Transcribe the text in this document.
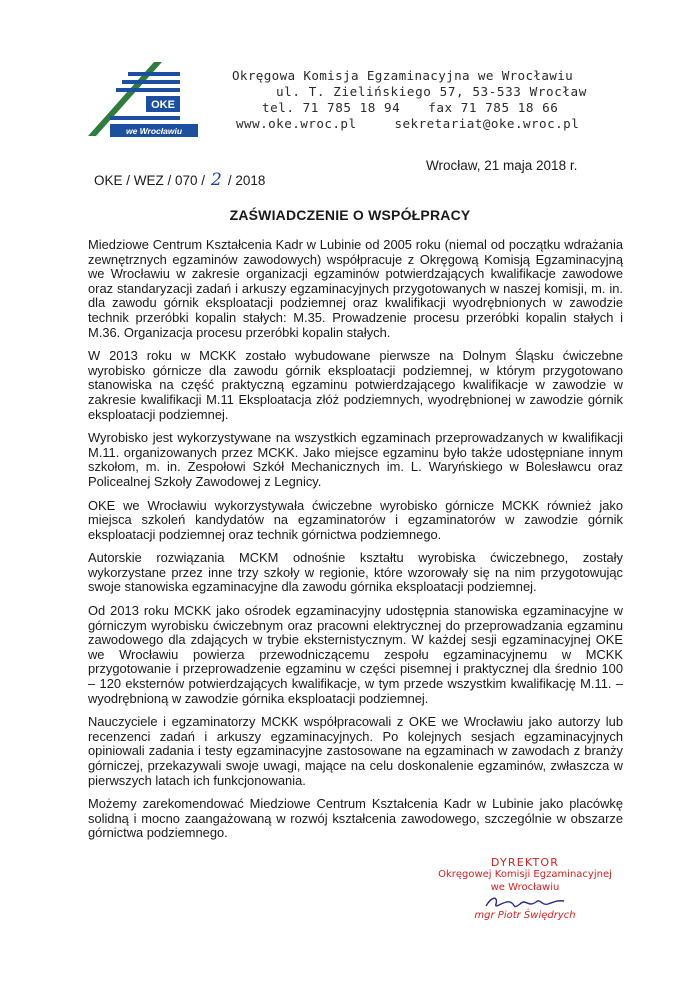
OKE
we Wrocławiu
Okręgowa Komisja Egzaminacyjna we Wrocławiu
ul. T. Zielińskiego 57, 53-533 Wrocław
tel. 71 785 18 94 fax 71 785 18 66
www.oke.wroc.pl	sekretariat@oke.wroc.pl
Wrocław, 21 maja 2018 r.
OKE / WEZ / 070 / 2 / 2018
ZAŚWIADCZENIE O WSPÓŁPRACY

Miedziowe Centrum Kształcenia Kadr w Lubinie od 2005 roku (niemal od początku wdrażania zewnętrznych egzaminów zawodowych) współpracuje z Okręgową Komisją Egzaminacyjną we Wrocławiu w zakresie organizacji egzaminów potwierdzających kwalifikacje zawodowe oraz standaryzacji zadań i arkuszy egzaminacyjnych przygotowanych w naszej komisji, m. in. dla zawodu górnik eksploatacji podziemnej oraz kwalifikacji wyodrębnionych w zawodzie technik przeróbki kopalin stałych: M.35. Prowadzenie procesu przeróbki kopalin stałych i M.36. Organizacja procesu przeróbki kopalin stałych.

W 2013 roku w MCKK zostało wybudowane pierwsze na Dolnym Śląsku ćwiczebne wyrobisko górnicze dla zawodu górnik eksploatacji podziemnej, w którym przygotowano stanowiska na część praktyczną egzaminu potwierdzającego kwalifikacje w zawodzie w zakresie kwalifikacji M.11 Eksploatacja złóż podziemnych, wyodrębnionej w zawodzie górnik eksploatacji podziemnej.

Wyrobisko jest wykorzystywane na wszystkich egzaminach przeprowadzanych w kwalifikacji M.11. organizowanych przez MCKK. Jako miejsce egzaminu było także udostępniane innym szkołom, m. in. Zespołowi Szkół Mechanicznych im. L. Waryńskiego w Bolesławcu oraz Policealnej Szkoły Zawodowej z Legnicy.

OKE we Wrocławiu wykorzystywała ćwiczebne wyrobisko górnicze MCKK również jako miejsca szkoleń kandydatów na egzaminatorów i egzaminatorów w zawodzie górnik eksploatacji podziemnej oraz technik górnictwa podziemnego.

Autorskie rozwiązania MCKM odnośnie kształtu wyrobiska ćwiczebnego, zostały wykorzystane przez inne trzy szkoły w regionie, które wzorowały się na nim przygotowując swoje stanowiska egzaminacyjne dla zawodu górnika eksploatacji podziemnej.

Od 2013 roku MCKK jako ośrodek egzaminacyjny udostępnia stanowiska egzaminacyjne w górniczym wyrobisku ćwiczebnym oraz pracowni elektrycznej do przeprowadzania egzaminu zawodowego dla zdających w trybie eksternistycznym. W każdej sesji egzaminacyjnej OKE we Wrocławiu powierza przewodniczącemu zespołu egzaminacyjnemu w MCKK przygotowanie i przeprowadzenie egzaminu w części pisemnej i praktycznej dla średnio 100 – 120 eksternów potwierdzających kwalifikacje, w tym przede wszystkim kwalifikację M.11. – wyodrębnioną w zawodzie górnika eksploatacji podziemnej.

Nauczyciele i egzaminatorzy MCKK współpracowali z OKE we Wrocławiu jako autorzy lub recenzenci zadań i arkuszy egzaminacyjnych. Po kolejnych sesjach egzaminacyjnych opiniowali zadania i testy egzaminacyjne zastosowane na egzaminach w zawodach z branży górniczej, przekazywali swoje uwagi, mające na celu doskonalenie egzaminów, zwłaszcza w pierwszych latach ich funkcjonowania.

Możemy zarekomendować Miedziowe Centrum Kształcenia Kadr w Lubinie jako placówkę solidną i mocno zaangażowaną w rozwój kształcenia zawodowego, szczególnie w obszarze górnictwa podziemnego.

DYREKTOR
Okręgowej Komisji Egzaminacyjnej
we Wrocławiu
mgr Piotr Świędrych
